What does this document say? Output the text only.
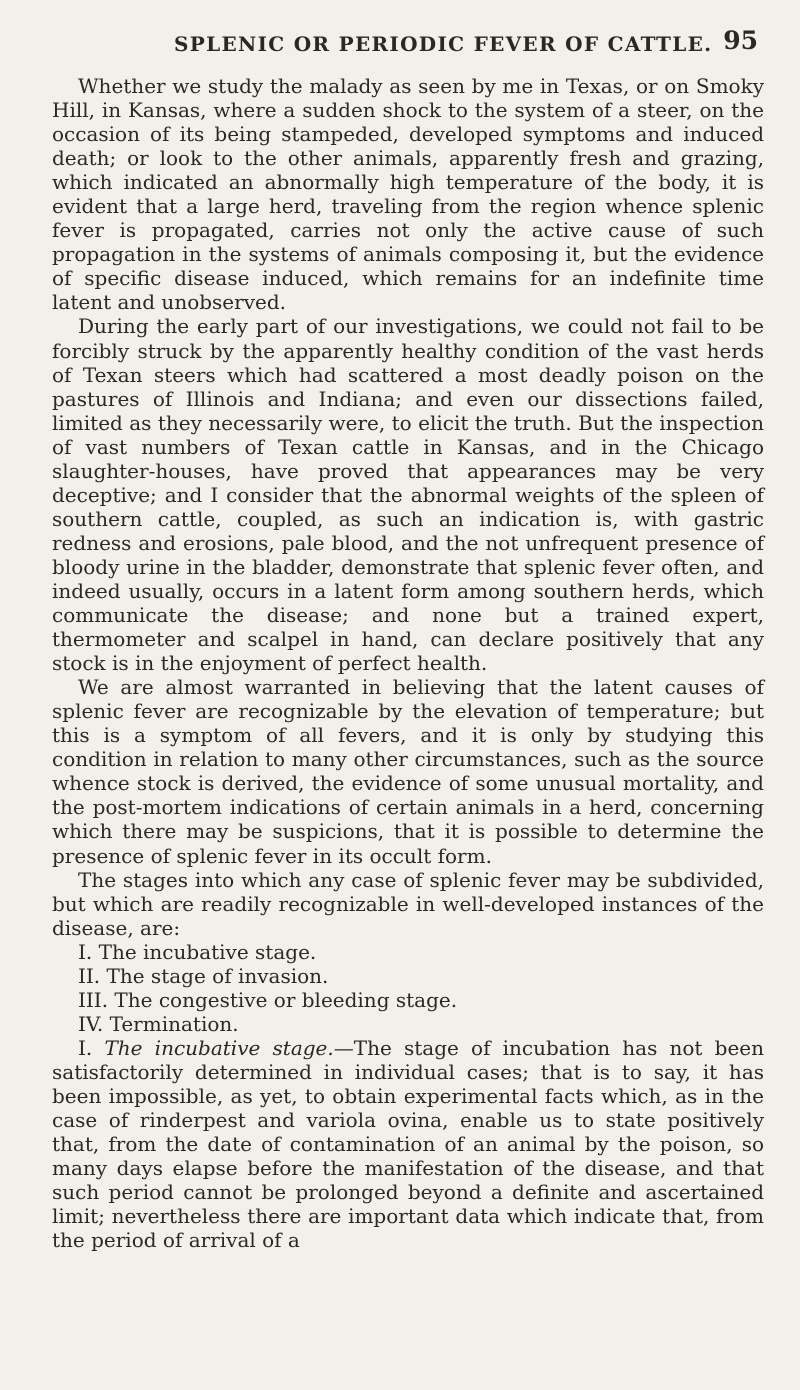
SPLENIC OR PERIODIC FEVER OF CATTLE. 95

Whether we study the malady as seen by me in Texas, or on Smoky Hill, in Kansas, where a sudden shock to the system of a steer, on the occasion of its being stampeded, developed symptoms and induced death; or look to the other animals, apparently fresh and grazing, which indicated an abnormally high temperature of the body, it is evident that a large herd, traveling from the region whence splenic fever is propagated, carries not only the active cause of such propagation in the systems of animals composing it, but the evidence of specific disease induced, which remains for an indefinite time latent and unobserved.

During the early part of our investigations, we could not fail to be forcibly struck by the apparently healthy condition of the vast herds of Texan steers which had scattered a most deadly poison on the pastures of Illinois and Indiana; and even our dissections failed, limited as they necessarily were, to elicit the truth. But the inspection of vast numbers of Texan cattle in Kansas, and in the Chicago slaughter-houses, have proved that appearances may be very deceptive; and I consider that the abnormal weights of the spleen of southern cattle, coupled, as such an indication is, with gastric redness and erosions, pale blood, and the not unfrequent presence of bloody urine in the bladder, demonstrate that splenic fever often, and indeed usually, occurs in a latent form among southern herds, which communicate the disease; and none but a trained expert, thermometer and scalpel in hand, can declare positively that any stock is in the enjoyment of perfect health.

We are almost warranted in believing that the latent causes of splenic fever are recognizable by the elevation of temperature; but this is a symptom of all fevers, and it is only by studying this condition in relation to many other circumstances, such as the source whence stock is derived, the evidence of some unusual mortality, and the post-mortem indications of certain animals in a herd, concerning which there may be suspicions, that it is possible to determine the presence of splenic fever in its occult form.

The stages into which any case of splenic fever may be subdivided, but which are readily recognizable in well-developed instances of the disease, are:

I. The incubative stage.

II. The stage of invasion.

III. The congestive or bleeding stage.

IV. Termination.

I. The incubative stage.—The stage of incubation has not been satisfactorily determined in individual cases; that is to say, it has been impossible, as yet, to obtain experimental facts which, as in the case of rinderpest and variola ovina, enable us to state positively that, from the date of contamination of an animal by the poison, so many days elapse before the manifestation of the disease, and that such period cannot be prolonged beyond a definite and ascertained limit; nevertheless there are important data which indicate that, from the period of arrival of a
